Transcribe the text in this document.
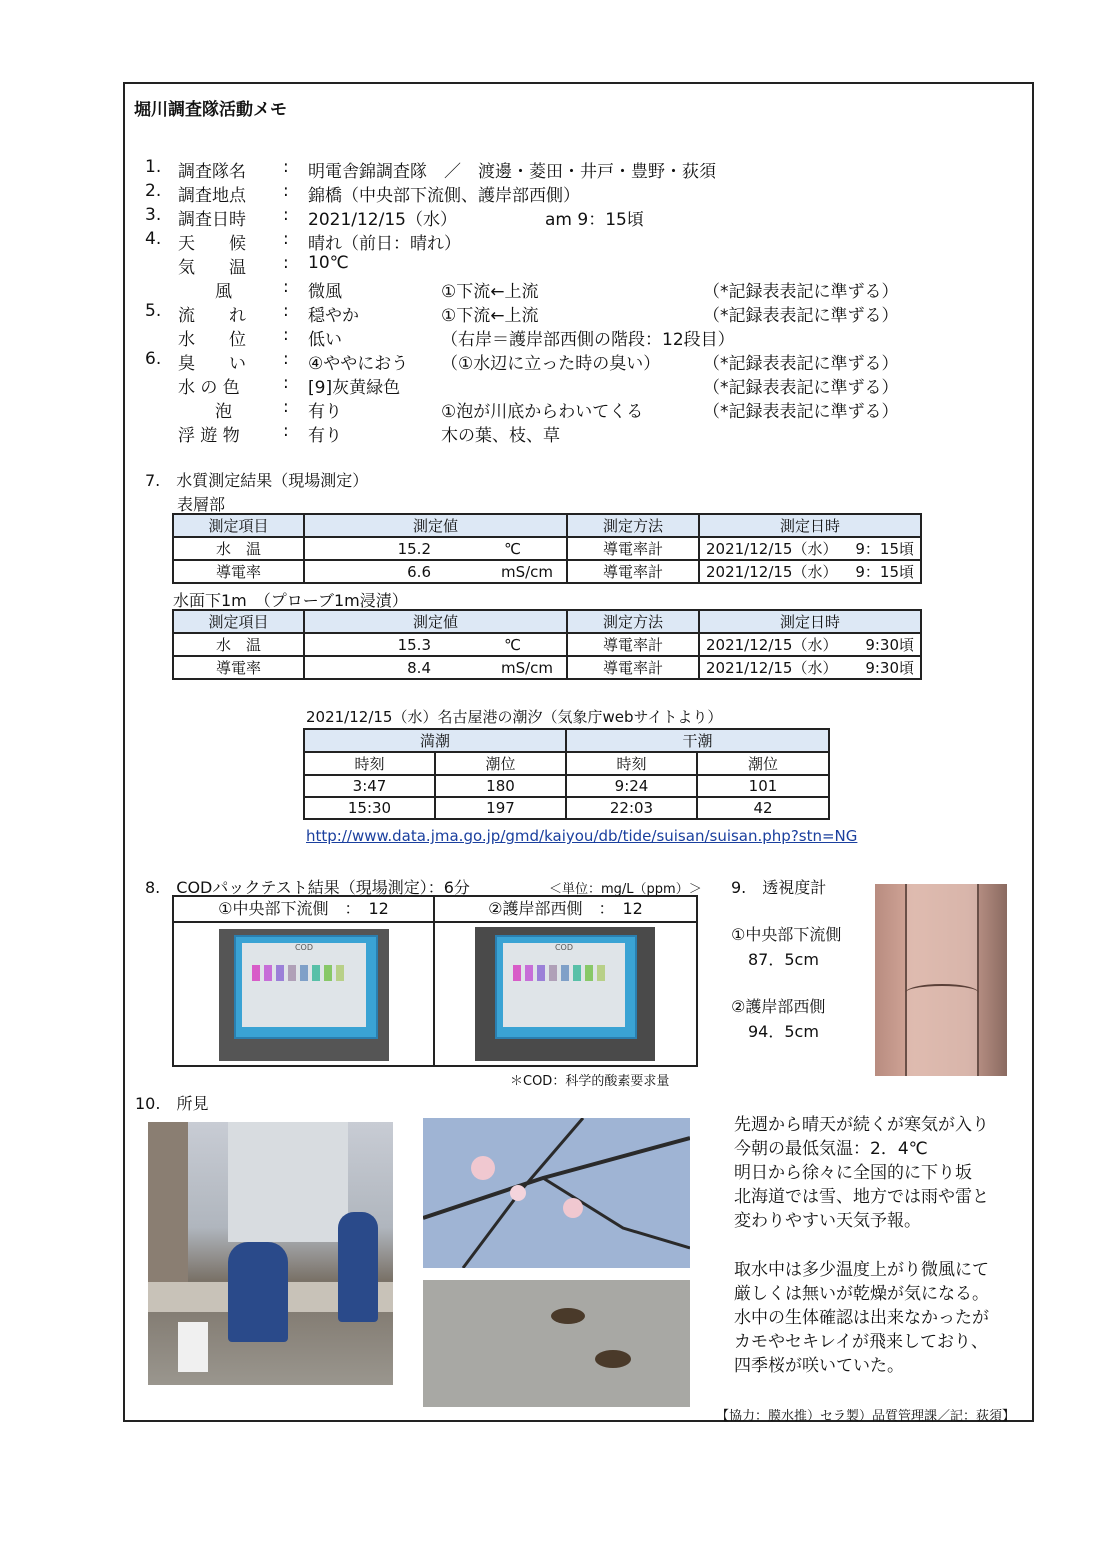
堀川調査隊活動メモ
1. 調査隊名 : 明電舎錦調査隊　／　渡邊・菱田・井戸・豊野・荻須
2. 調査地点 : 錦橋（中央部下流側、護岸部西側）
3. 調査日時 : 2021/12/15（水）	am 9：15頃
4. 天　　候 : 晴れ（前日：晴れ）
気　　温 : 10℃
風	: 微風	①下流←上流	（*記録表表記に準ずる）
5. 流　　れ : 穏やか	①下流←上流	（*記録表表記に準ずる）
水　　位 : 低い	（右岸＝護岸部西側の階段：12段目）
6. 臭　　い : ④ややにおう （①水辺に立った時の臭い）	（*記録表表記に準ずる）
水 の 色	: [9]灰黄緑色	（*記録表表記に準ずる）
泡	: 有り	①泡が川底からわいてくる	（*記録表表記に準ずる）
浮 遊 物	: 有り	木の葉、枝、草
7.　水質測定結果（現場測定）
表層部
測定項目	測定値	測定方法	測定日時
水　温	15.2 ℃	導電率計	2021/12/15（水） 9：15頃

導電率	6.6 mS/cm	導電率計	2021/12/15（水） 9：15頃
水面下1m　（プローブ1m浸漬）
測定項目	測定値	測定方法	測定日時
水　温	15.3 ℃	導電率計	2021/12/15（水） 9:30頃

導電率	8.4 mS/cm	導電率計	2021/12/15（水） 9:30頃
2021/12/15（水）名古屋港の潮汐（気象庁webサイトより）
満潮		干潮	
時刻	潮位	時刻	潮位
3:47	180	9:24	101
15:30	197	22:03	42
http://www.data.jma.go.jp/gmd/kaiyou/db/tide/suisan/suisan.php?stn=NG
8.　CODパックテスト結果（現場測定）：6分	＜単位：mg/L（ppm）＞
①中央部下流側　：　12
COD
②護岸部西側　：　12
COD
＊COD：科学的酸素要求量
9.　透視度計
①中央部下流側
87．5cm
②護岸部西側
94．5cm
10.　所見
先週から晴天が続くが寒気が入り
今朝の最低気温：2．4℃
明日から徐々に全国的に下り坂
北海道では雪、地方では雨や雷と
変わりやすい天気予報。
取水中は多少温度上がり微風にて
厳しくは無いが乾燥が気になる。
水中の生体確認は出来なかったが
カモやセキレイが飛来しており、
四季桜が咲いていた。
【協力：膜水推）セラ製）品質管理課／記：荻須】
